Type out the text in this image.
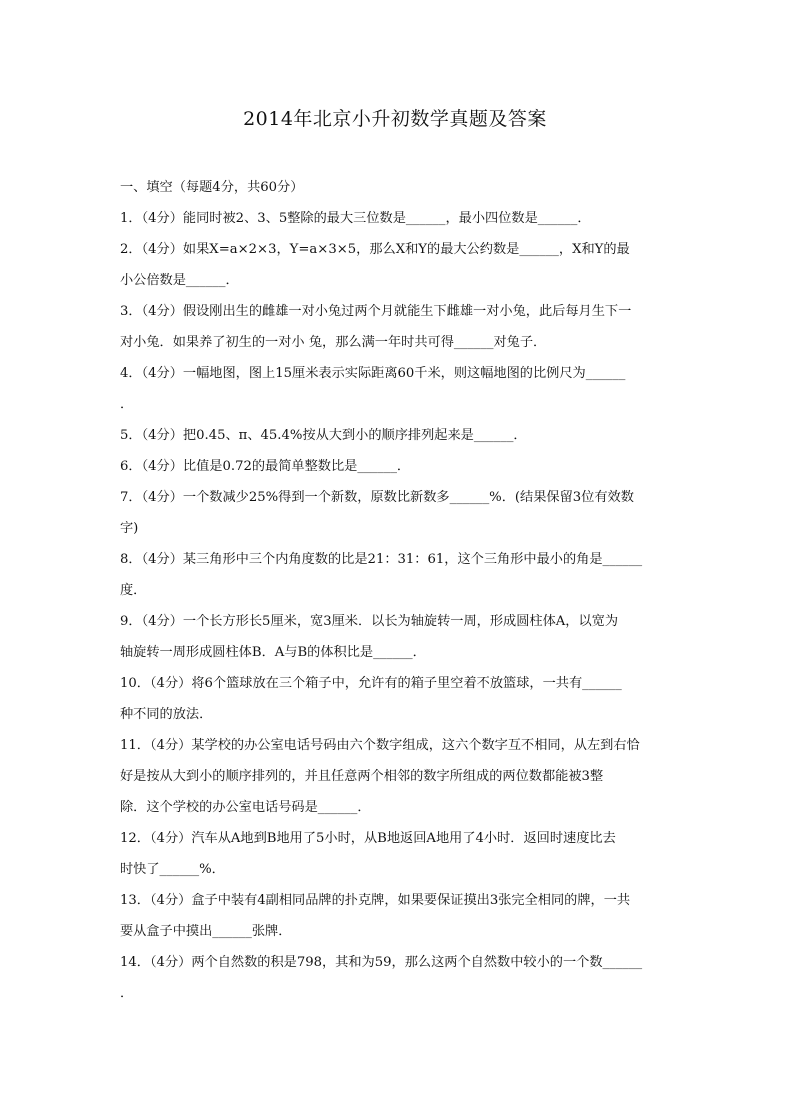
2014年北京小升初数学真题及答案
一、填空（每题4分，共60分）
1．（4分）能同时被2、3、5整除的最大三位数是______，最小四位数是______．
2．（4分）如果X=a×2×3，Y=a×3×5，那么X和Y的最大公约数是______，X和Y的最
小公倍数是______．
3．（4分）假设刚出生的雌雄一对小兔过两个月就能生下雌雄一对小兔，此后每月生下一
对小兔．如果养了初生的一对小 兔，那么满一年时共可得______对兔子．
4．（4分）一幅地图，图上15厘米表示实际距离60千米，则这幅地图的比例尺为______
．
5．（4分）把0.45、π、45.4%按从大到小的顺序排列起来是______．
6．（4分）比值是0.72的最简单整数比是______．
7．（4分）一个数减少25%得到一个新数，原数比新数多______%．(结果保留3位有效数
字)
8．（4分）某三角形中三个内角度数的比是21：31：61，这个三角形中最小的角是______
度．
9．（4分）一个长方形长5厘米，宽3厘米．以长为轴旋转一周，形成圆柱体A，以宽为
轴旋转一周形成圆柱体B．A与B的体积比是______．
10．（4分）将6个篮球放在三个箱子中，允许有的箱子里空着不放篮球，一共有______
种不同的放法．
11．（4分）某学校的办公室电话号码由六个数字组成，这六个数字互不相同，从左到右恰
好是按从大到小的顺序排列的，并且任意两个相邻的数字所组成的两位数都能被3整
除．这个学校的办公室电话号码是______．
12．（4分）汽车从A地到B地用了5小时，从B地返回A地用了4小时．返回时速度比去
时快了______%．
13．（4分）盒子中装有4副相同品牌的扑克牌，如果要保证摸出3张完全相同的牌，一共
要从盒子中摸出______张牌．
14．（4分）两个自然数的积是798，其和为59，那么这两个自然数中较小的一个数______
．
